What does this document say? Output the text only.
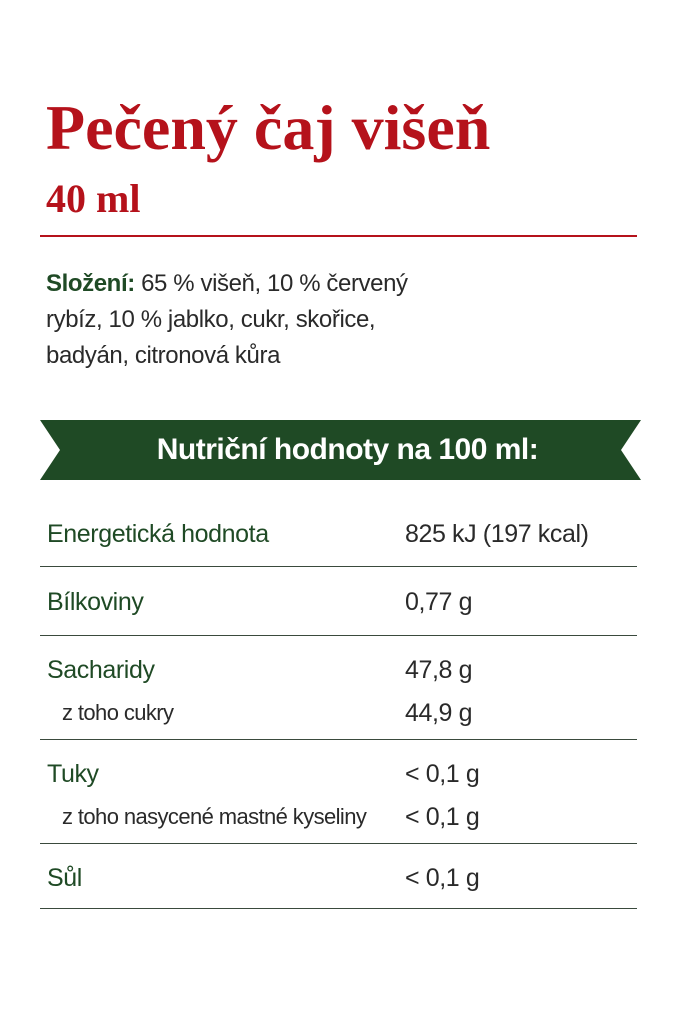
Pečený čaj višeň
40 ml
Složení: 65 % višeň, 10 % červený rybíz, 10 % jablko, cukr, skořice, badyán, citronová kůra
Nutriční hodnoty na 100 ml:
Energetická hodnota	825 kJ (197 kcal)
Bílkoviny	0,77 g
Sacharidy	47,8 g
z toho cukry	44,9 g
Tuky	< 0,1 g
z toho nasycené mastné kyseliny < 0,1 g
Sůl	< 0,1 g
